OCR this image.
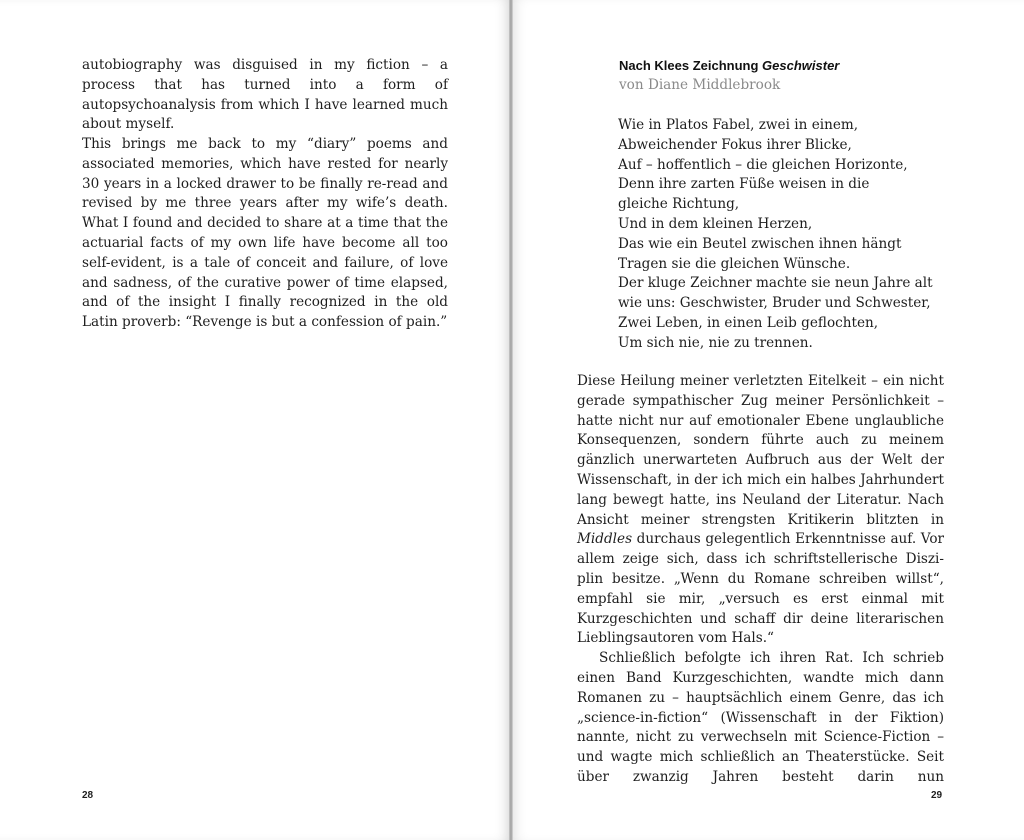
autobiography was disguised in my fiction – a process that has turned into a form of autopsychoanalysis from which I have learned much about myself.

This brings me back to my “diary” poems and associated memories, which have rested for nearly 30 years in a locked drawer to be finally re-read and revised by me three years after my wife’s death. What I found and decided to share at a time that the actuarial facts of my own life have become all too self-evident, is a tale of conceit and failure, of love and sadness, of the curative power of time elapsed, and of the insight I finally recognized in the old Latin proverb: “Revenge is but a confession of pain.”

28
Nach Klees Zeichnung Geschwister
von Diane Middlebrook
Wie in Platos Fabel, zwei in einem,
Abweichender Fokus ihrer Blicke,
Auf – hoffentlich – die gleichen Horizonte,
Denn ihre zarten Füße weisen in die
gleiche Richtung,
Und in dem kleinen Herzen,
Das wie ein Beutel zwischen ihnen hängt
Tragen sie die gleichen Wünsche.
Der kluge Zeichner machte sie neun Jahre alt
wie uns: Geschwister, Bruder und Schwester,
Zwei Leben, in einen Leib geflochten,
Um sich nie, nie zu trennen.

Diese Heilung meiner verletzten Eitelkeit – ein nicht gerade sympathischer Zug meiner Persönlichkeit – hatte nicht nur auf emotionaler Ebene unglaubliche Konsequenzen, sondern führte auch zu meinem gänzlich unerwarteten Aufbruch aus der Welt der Wissenschaft, in der ich mich ein halbes Jahrhundert lang bewegt hatte, ins Neuland der Literatur. Nach Ansicht meiner strengsten Kritikerin blitzten in Middles durchaus gelegentlich Erkenntnisse auf. Vor allem zeige sich, dass ich schriftstellerische Disziplin besitze. „Wenn du Romane schreiben willst“, empfahl sie mir, „versuch es erst einmal mit Kurzgeschichten und schaff dir deine literarischen Lieblingsautoren vom Hals.“

Schließlich befolgte ich ihren Rat. Ich schrieb einen Band Kurzgeschichten, wandte mich dann Romanen zu – hauptsächlich einem Genre, das ich „science-in-fiction“ (Wissenschaft in der Fiktion) nannte, nicht zu verwechseln mit Science-Fiction – und wagte mich schließlich an Theaterstücke. Seit über zwanzig Jahren besteht darin nun

29
